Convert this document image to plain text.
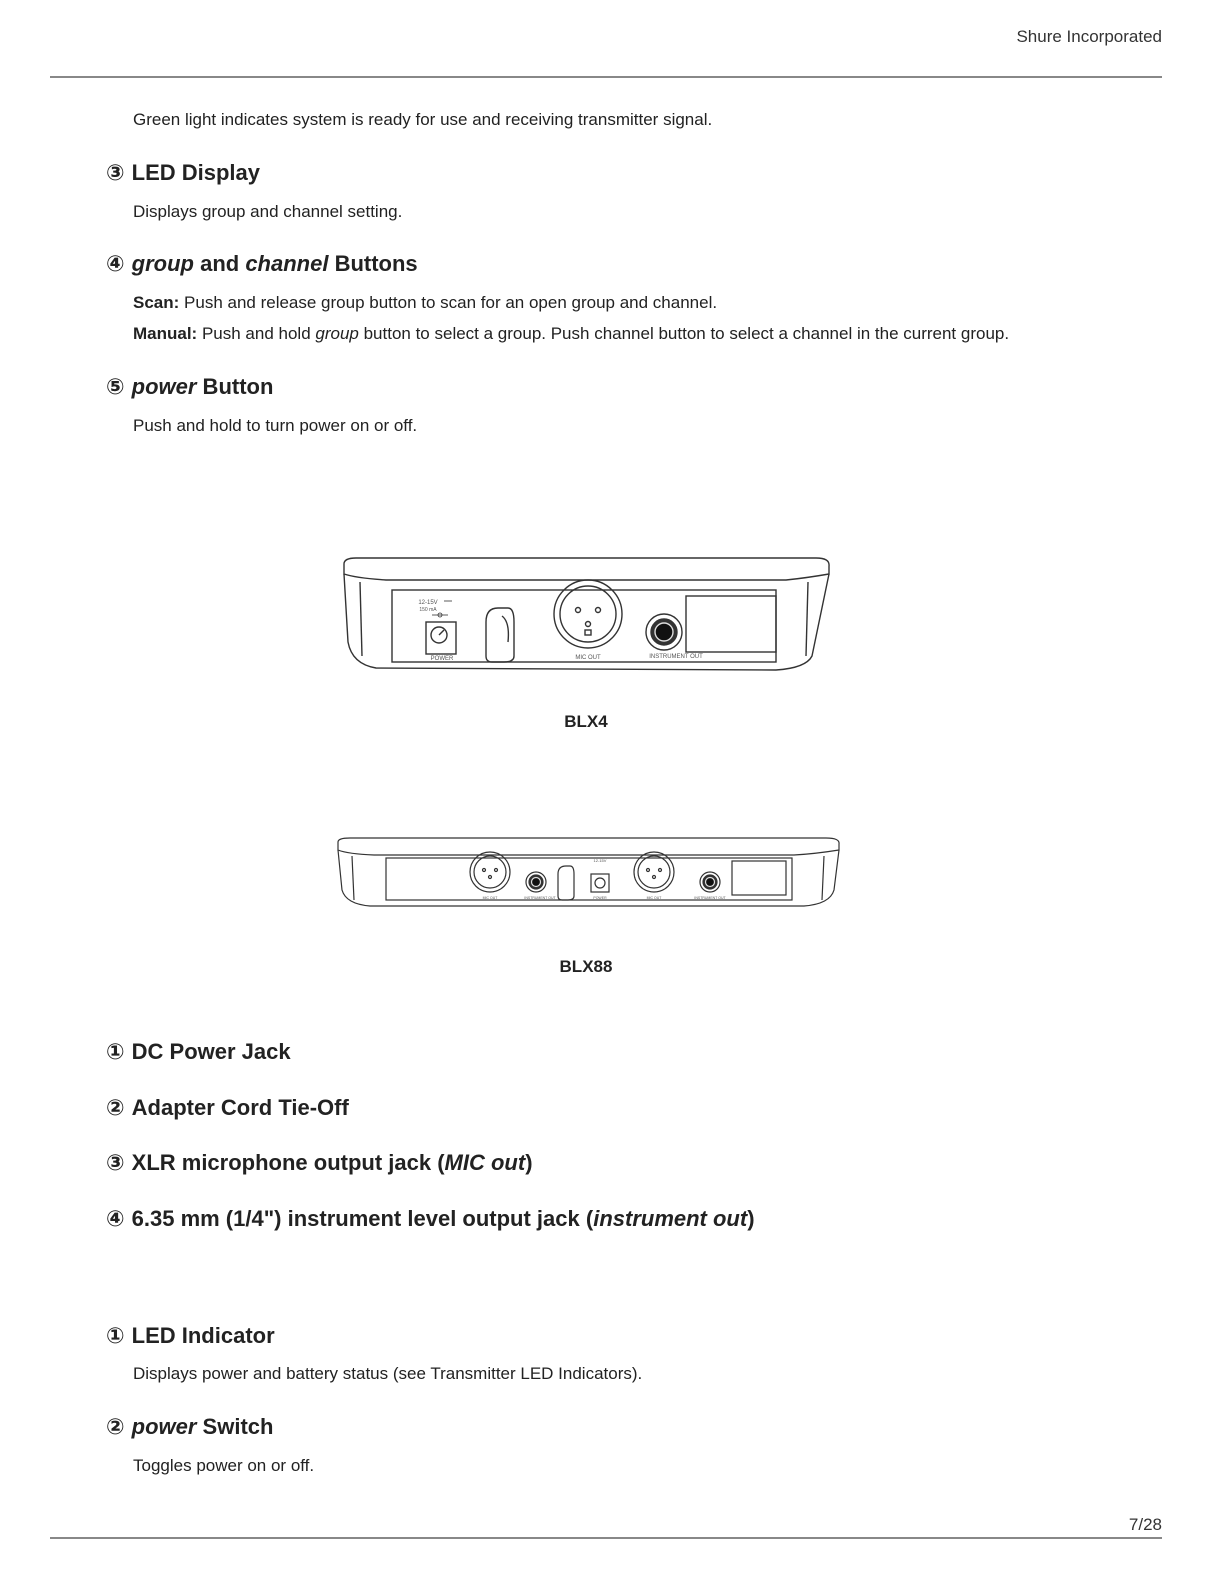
Shure Incorporated
Green light indicates system is ready for use and receiving transmitter signal.
③ LED Display
Displays group and channel setting.
④ group and channel Buttons
Scan: Push and release group button to scan for an open group and channel.
Manual: Push and hold group button to select a group. Push channel button to select a channel in the current group.
⑤ power Button
Push and hold to turn power on or off.
12-15V
150 mA
POWER	MIC OUT	INSTRUMENT OUT
BLX4
MIC OUT	INSTRUMENT OUT
12-15V
POWER	MIC OUT	INSTRUMENT OUT
BLX88
① DC Power Jack
② Adapter Cord Tie-Off
③ XLR microphone output jack (MIC out)
④ 6.35 mm (1/4") instrument level output jack (instrument out)
① LED Indicator
Displays power and battery status (see Transmitter LED Indicators).
② power Switch
Toggles power on or off.
7/28
